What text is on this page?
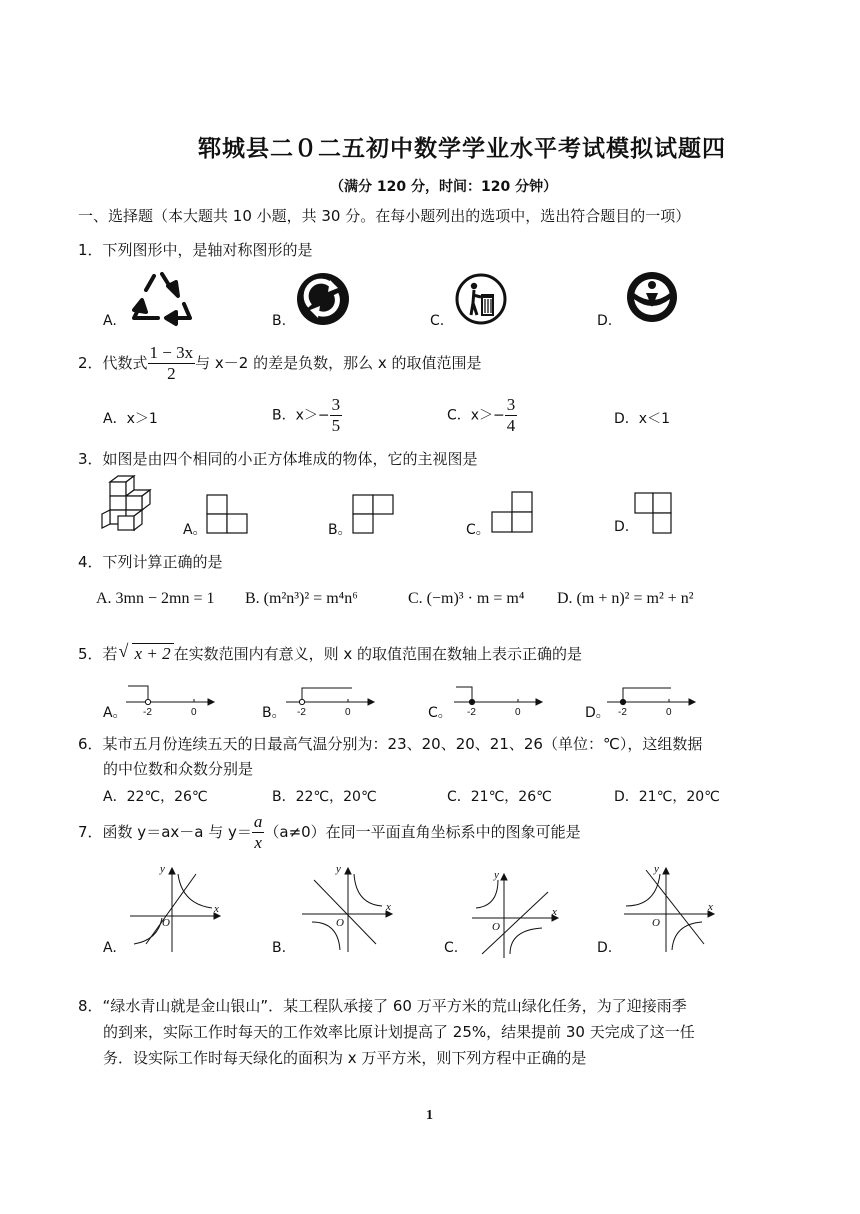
郓城县二０二五初中数学学业水平考试模拟试题四
（满分 120 分，时间：120 分钟）
一、选择题（本大题共 10 小题，共 30 分。在每小题列出的选项中，选出符合题目的一项）
1．下列图形中，是轴对称图形的是
A.	B.	C.	D.
2．代数式 $\frac{1 - 3x}{2}$ 与 x－2 的差是负数，那么 x 的取值范围是
A．x＞1	B．$x>- \frac{3}{5}$	C．$x>- \frac{3}{4}$	D．x＜1
3．如图是由四个相同的小正方体堆成的物体，它的主视图是
A。	B。	C。	D.
4．下列计算正确的是
A. 3mn − 2mn = 1 B. (m²n³)² = m⁴n⁶	C. (−m)³ · m = m⁴ D. (m + n)² = m² + n²
5．若 √ x + 2 在实数范围内有意义，则 x 的取值范围在数轴上表示正确的是
A。	B。	C。	D。
-2	0	-2	0	-2	0	-2	0
6．某市五月份连续五天的日最高气温分别为：23、20、20、21、26（单位：℃），这组数据
的中位数和众数分别是
A．22℃，26℃	B．22℃，20℃	C．21℃，26℃	D．21℃，20℃
7．函数 y＝ax－a 与 $y= \frac{a}{x} (a\ne 0)$在同一平面直角坐标系中的图象可能是
A.	B.	C.	D.
y
x
O
y
x
O
y
x
O
y
x
O
8．“绿水青山就是金山银山”．某工程队承接了 60 万平方米的荒山绿化任务，为了迎接雨季
的到来，实际工作时每天的工作效率比原计划提高了 25%，结果提前 30 天完成了这一任
务．设实际工作时每天绿化的面积为 x 万平方米，则下列方程中正确的是
1
